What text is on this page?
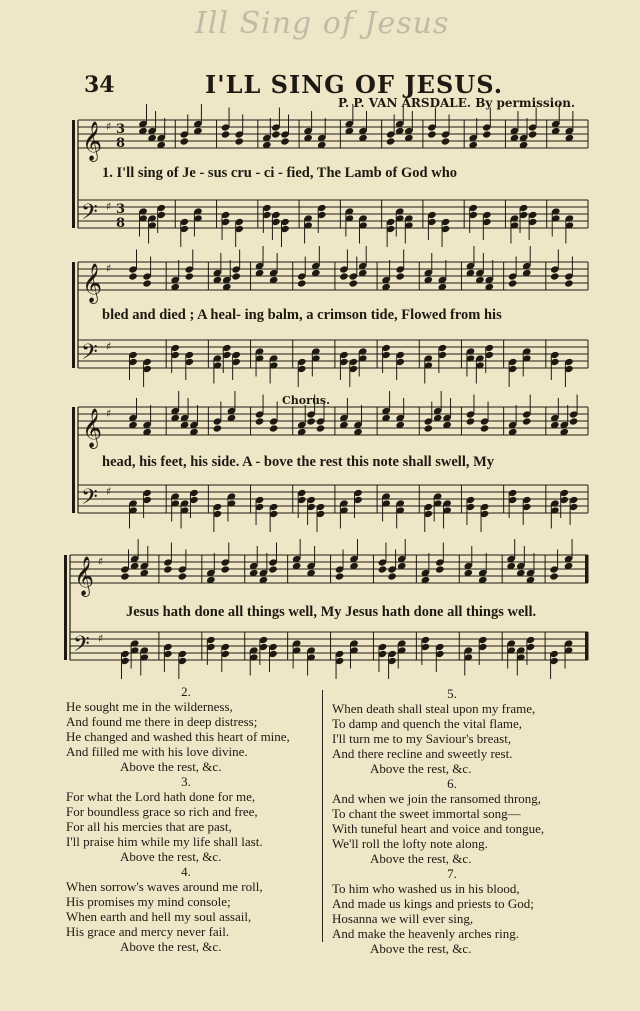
Ill Sing of Jesus
34	I'LL SING OF JESUS.
P. P. VAN ARSDALE. By permission.
𝄞
𝄢
♯
♯
3
8
3
8
𝄞
𝄢
♯
♯
𝄞
𝄢
♯
♯
𝄞
𝄢
♯
♯
Chorus.
1. I'll sing of Je - sus cru - ci - fied, The Lamb of God who
bled and died ; A heal- ing balm, a crimson tide, Flowed from his
head, his feet, his side. A - bove the rest this note shall swell, My
Jesus hath done all things well, My Jesus hath done all things well.
2.
He sought me in the wilderness,
And found me there in deep distress;
He changed and washed this heart of mine,
And filled me with his love divine.
Above the rest, &c.
3.
For what the Lord hath done for me,
For boundless grace so rich and free,
For all his mercies that are past,
I'll praise him while my life shall last.
Above the rest, &c.
4.
When sorrow's waves around me roll,
His promises my mind console;
When earth and hell my soul assail,
His grace and mercy never fail.
Above the rest, &c.
5.
When death shall steal upon my frame,
To damp and quench the vital flame,
I'll turn me to my Saviour's breast,
And there recline and sweetly rest.
Above the rest, &c.
6.
And when we join the ransomed throng,
To chant the sweet immortal song—
With tuneful heart and voice and tongue,
We'll roll the lofty note along.
Above the rest, &c.
7.
To him who washed us in his blood,
And made us kings and priests to God;
Hosanna we will ever sing,
And make the heavenly arches ring.
Above the rest, &c.
